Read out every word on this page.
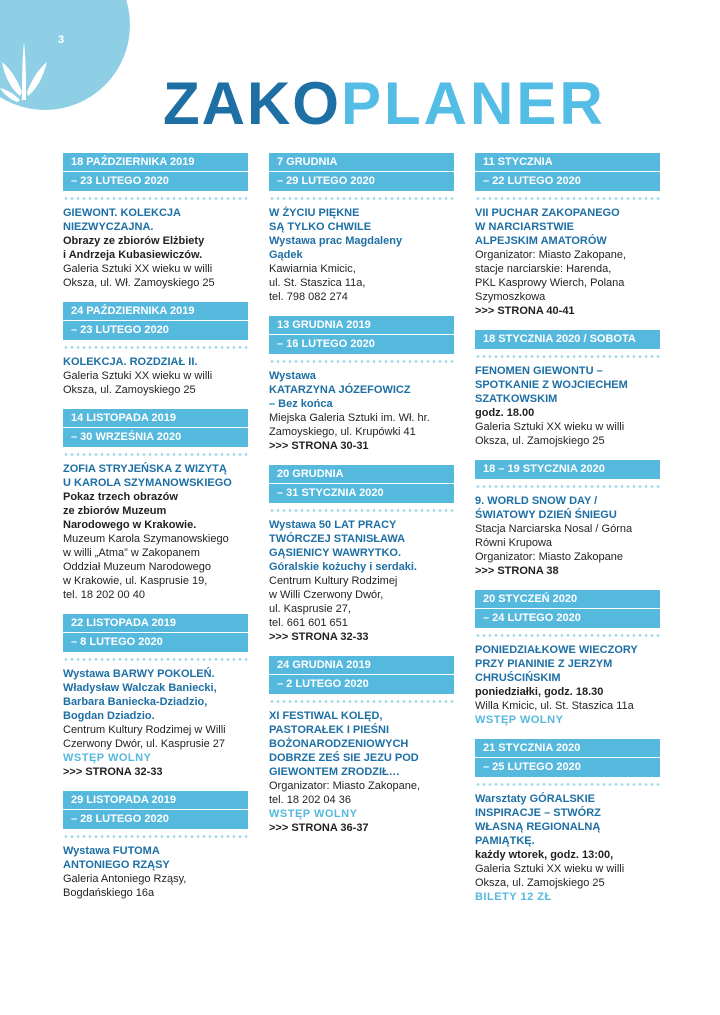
3
ZAKOPLANER
18 PAŹDZIERNIKA 2019
– 23 LUTEGO 2020
GIEWONT. KOLEKCJA
NIEZWYCZAJNA.
Obrazy ze zbiorów Elżbiety
i Andrzeja Kubasiewiczów.
Galeria Sztuki XX wieku w willi
Oksza, ul. Wł. Zamoyskiego 25
24 PAŹDZIERNIKA 2019
– 23 LUTEGO 2020
KOLEKCJA. ROZDZIAŁ II.
Galeria Sztuki XX wieku w willi
Oksza, ul. Zamoyskiego 25
14 LISTOPADA 2019
– 30 WRZEŚNIA 2020
ZOFIA STRYJEŃSKA Z WIZYTĄ
U KAROLA SZYMANOWSKIEGO
Pokaz trzech obrazów
ze zbiorów Muzeum
Narodowego w Krakowie.
Muzeum Karola Szymanowskiego
w willi „Atma” w Zakopanem
Oddział Muzeum Narodowego
w Krakowie, ul. Kasprusie 19,
tel. 18 202 00 40
22 LISTOPADA 2019
– 8 LUTEGO 2020
Wystawa BARWY POKOLEŃ.
Władysław Walczak Baniecki,
Barbara Baniecka-Dziadzio,
Bogdan Dziadzio.
Centrum Kultury Rodzimej w Willi
Czerwony Dwór, ul. Kasprusie 27
WSTĘP WOLNY
>>> STRONA 32-33
29 LISTOPADA 2019
– 28 LUTEGO 2020
Wystawa FUTOMA
ANTONIEGO RZĄSY
Galeria Antoniego Rząsy,
Bogdańskiego 16a
7 GRUDNIA
– 29 LUTEGO 2020
W ŻYCIU PIĘKNE
SĄ TYLKO CHWILE
Wystawa prac Magdaleny
Gądek
Kawiarnia Kmicic,
ul. St. Staszica 11a,
tel. 798 082 274
13 GRUDNIA 2019
– 16 LUTEGO 2020
Wystawa
KATARZYNA JÓZEFOWICZ
– Bez końca
Miejska Galeria Sztuki im. Wł. hr.
Zamoyskiego, ul. Krupówki 41
>>> STRONA 30-31
20 GRUDNIA
– 31 STYCZNIA 2020
Wystawa 50 LAT PRACY
TWÓRCZEJ STANISŁAWA
GĄSIENICY WAWRYTKO.
Góralskie kożuchy i serdaki.
Centrum Kultury Rodzimej
w Willi Czerwony Dwór,
ul. Kasprusie 27,
tel. 661 601 651
>>> STRONA 32-33
24 GRUDNIA 2019
– 2 LUTEGO 2020
XI FESTIWAL KOLĘD,
PASTORAŁEK I PIEŚNI
BOŻONARODZENIOWYCH
DOBRZE ZEŚ SIE JEZU POD
GIEWONTEM ZRODZIŁ…
Organizator: Miasto Zakopane,
tel. 18 202 04 36
WSTĘP WOLNY
>>> STRONA 36-37
11 STYCZNIA
– 22 LUTEGO 2020
VII PUCHAR ZAKOPANEGO
W NARCIARSTWIE
ALPEJSKIM AMATORÓW
Organizator: Miasto Zakopane,
stacje narciarskie: Harenda,
PKL Kasprowy Wierch, Polana
Szymoszkowa
>>> STRONA 40-41
18 STYCZNIA 2020 / SOBOTA
FENOMEN GIEWONTU –
SPOTKANIE Z WOJCIECHEM
SZATKOWSKIM
godz. 18.00
Galeria Sztuki XX wieku w willi
Oksza, ul. Zamojskiego 25
18 – 19 STYCZNIA 2020
9. WORLD SNOW DAY /
ŚWIATOWY DZIEŃ ŚNIEGU
Stacja Narciarska Nosal / Górna
Równi Krupowa
Organizator: Miasto Zakopane
>>> STRONA 38
20 STYCZEŃ 2020
– 24 LUTEGO 2020
PONIEDZIAŁKOWE WIECZORY
PRZY PIANINIE Z JERZYM
CHRUŚCIŃSKIM
poniedziałki, godz. 18.30
Willa Kmicic, ul. St. Staszica 11a
WSTĘP WOLNY
21 STYCZNIA 2020
– 25 LUTEGO 2020
Warsztaty GÓRALSKIE
INSPIRACJE – STWÓRZ
WŁASNĄ REGIONALNĄ
PAMIĄTKĘ.
każdy wtorek, godz. 13:00,
Galeria Sztuki XX wieku w willi
Oksza, ul. Zamojskiego 25
BILETY 12 ZŁ
